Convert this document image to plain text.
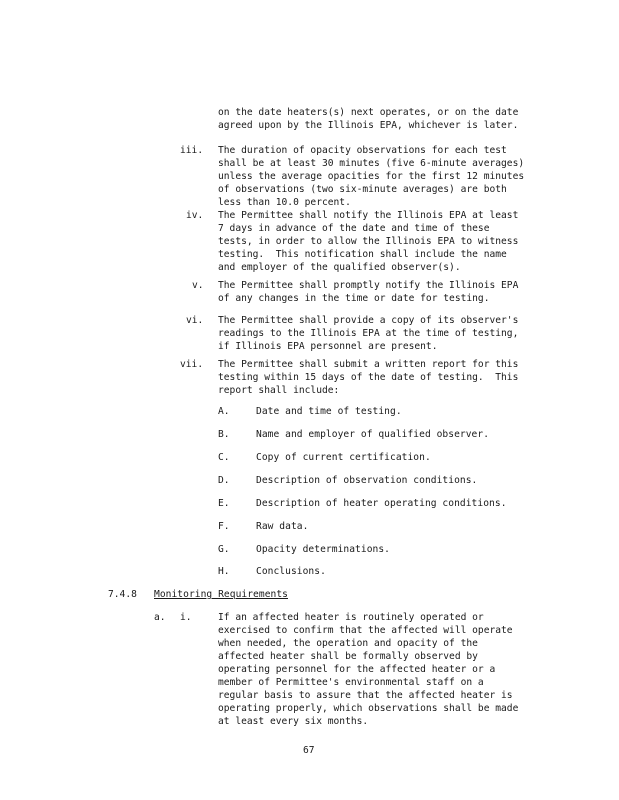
on the date heaters(s) next operates, or on the date
agreed upon by the Illinois EPA, whichever is later.
iii. The duration of opacity observations for each test
shall be at least 30 minutes (five 6-minute averages)
unless the average opacities for the first 12 minutes
of observations (two six-minute averages) are both
less than 10.0 percent.
iv. The Permittee shall notify the Illinois EPA at least
7 days in advance of the date and time of these
tests, in order to allow the Illinois EPA to witness
testing.  This notification shall include the name
and employer of the qualified observer(s).
v. The Permittee shall promptly notify the Illinois EPA
of any changes in the time or date for testing.
vi. The Permittee shall provide a copy of its observer's
readings to the Illinois EPA at the time of testing,
if Illinois EPA personnel are present.
vii. The Permittee shall submit a written report for this
testing within 15 days of the date of testing.  This
report shall include:
A.	Date and time of testing.
B.	Name and employer of qualified observer.
C.	Copy of current certification.
D.	Description of observation conditions.
E.	Description of heater operating conditions.
F.	Raw data.
G.	Opacity determinations.
H.	Conclusions.
7.4.8 Monitoring Requirements
a. i.	If an affected heater is routinely operated or
exercised to confirm that the affected will operate
when needed, the operation and opacity of the
affected heater shall be formally observed by
operating personnel for the affected heater or a
member of Permittee's environmental staff on a
regular basis to assure that the affected heater is
operating properly, which observations shall be made
at least every six months.
67
